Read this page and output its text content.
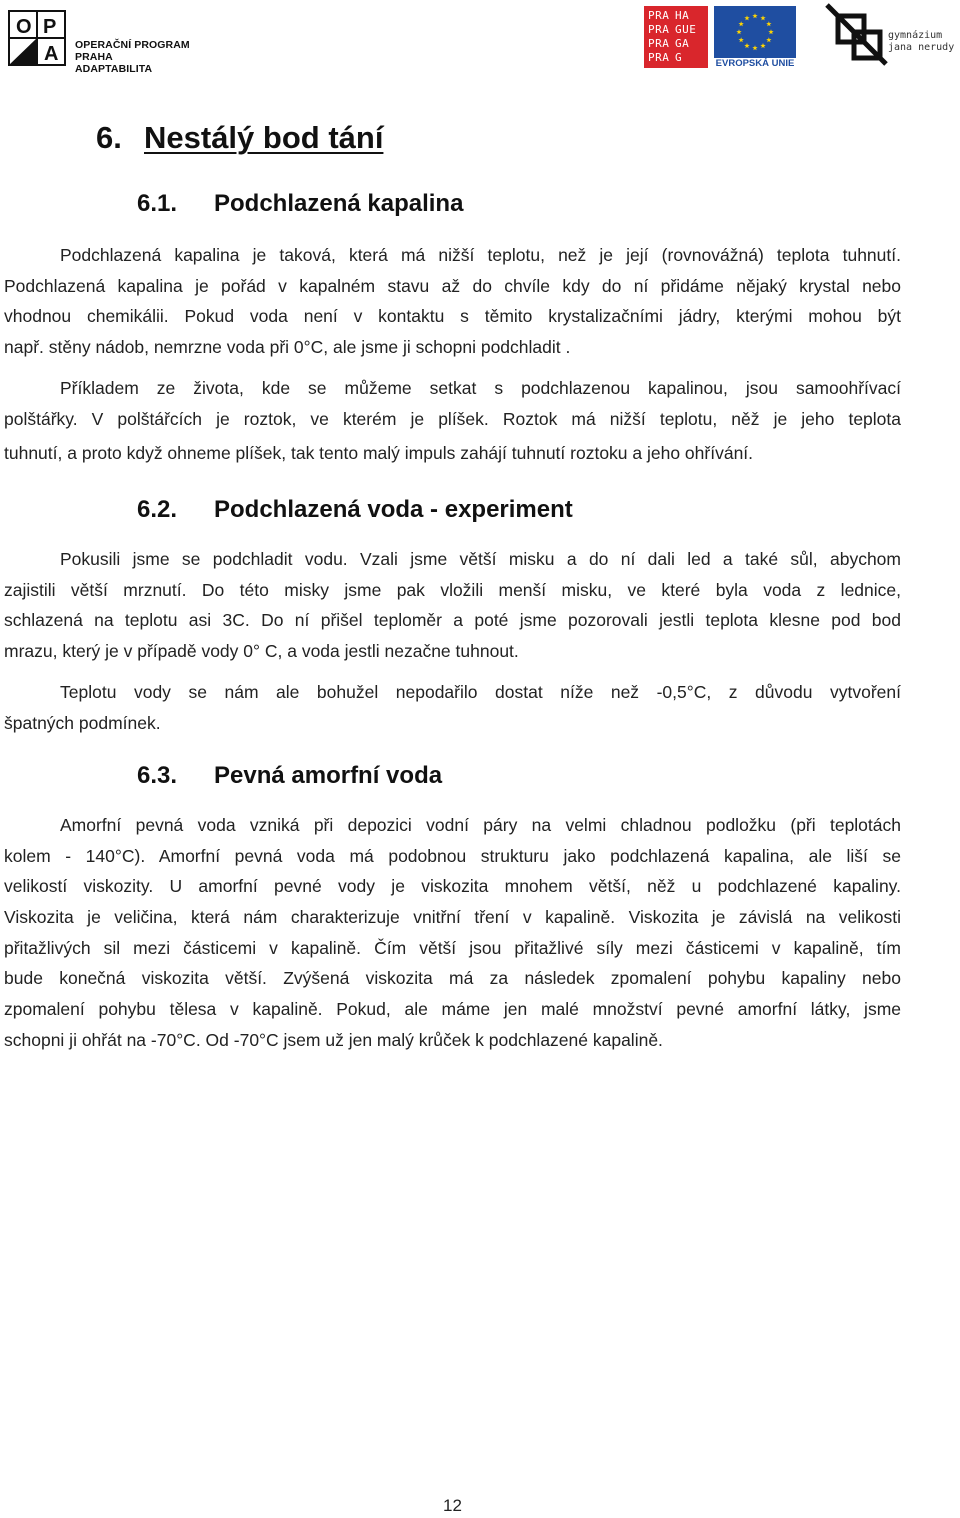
O P
A OPERAČNÍ PROGRAM PRAHA
ADAPTABILITA
PRA HA
PRA GUE
PRA GA
PRA G	EVROPSKÁ UNIE
gymnázium
jana nerudy
6. Nestálý bod tání
6.1. Podchlazená kapalina
Podchlazená kapalina je taková, která má nižší teplotu, než je její (rovnovážná) teplota tuhnutí.
Podchlazená kapalina je pořád v kapalném stavu až do chvíle kdy do ní přidáme nějaký krystal nebo
vhodnou chemikálii. Pokud voda není v kontaktu s těmito krystalizačními jádry, kterými mohou být
např. stěny nádob, nemrzne voda při 0°C, ale jsme ji schopni podchladit .
Příkladem ze života, kde se můžeme setkat s podchlazenou kapalinou, jsou samoohřívací
polštářky. V polštářcích je roztok, ve kterém je plíšek. Roztok má nižší teplotu, něž je jeho teplota
tuhnutí, a proto když ohneme plíšek, tak tento malý impuls zahájí tuhnutí roztoku a jeho ohřívání.
6.2. Podchlazená voda - experiment
Pokusili jsme se podchladit vodu. Vzali jsme větší misku a do ní dali led a také sůl, abychom
zajistili větší mrznutí. Do této misky jsme pak vložili menší misku, ve které byla voda z lednice,
schlazená na teplotu asi 3C. Do ní přišel teploměr a poté jsme pozorovali jestli teplota klesne pod bod
mrazu, který je v případě vody 0° C, a voda jestli nezačne tuhnout.
Teplotu vody se nám ale bohužel nepodařilo dostat níže než -0,5°C, z důvodu vytvoření
špatných podmínek.
6.3. Pevná amorfní voda
Amorfní pevná voda vzniká při depozici vodní páry na velmi chladnou podložku (při teplotách
kolem - 140°C). Amorfní pevná voda má podobnou strukturu jako podchlazená kapalina, ale liší se
velikostí viskozity. U amorfní pevné vody je viskozita mnohem větší, něž u podchlazené kapaliny.
Viskozita je veličina, která nám charakterizuje vnitřní tření v kapalině. Viskozita je závislá na velikosti
přitažlivých sil mezi částicemi v kapalině. Čím větší jsou přitažlivé síly mezi částicemi v kapalině, tím
bude konečná viskozita větší. Zvýšená viskozita má za následek zpomalení pohybu kapaliny nebo
zpomalení pohybu tělesa v kapalině. Pokud, ale máme jen malé množství pevné amorfní látky, jsme
schopni ji ohřát na -70°C. Od -70°C jsem už jen malý krůček k podchlazené kapalině.
12
